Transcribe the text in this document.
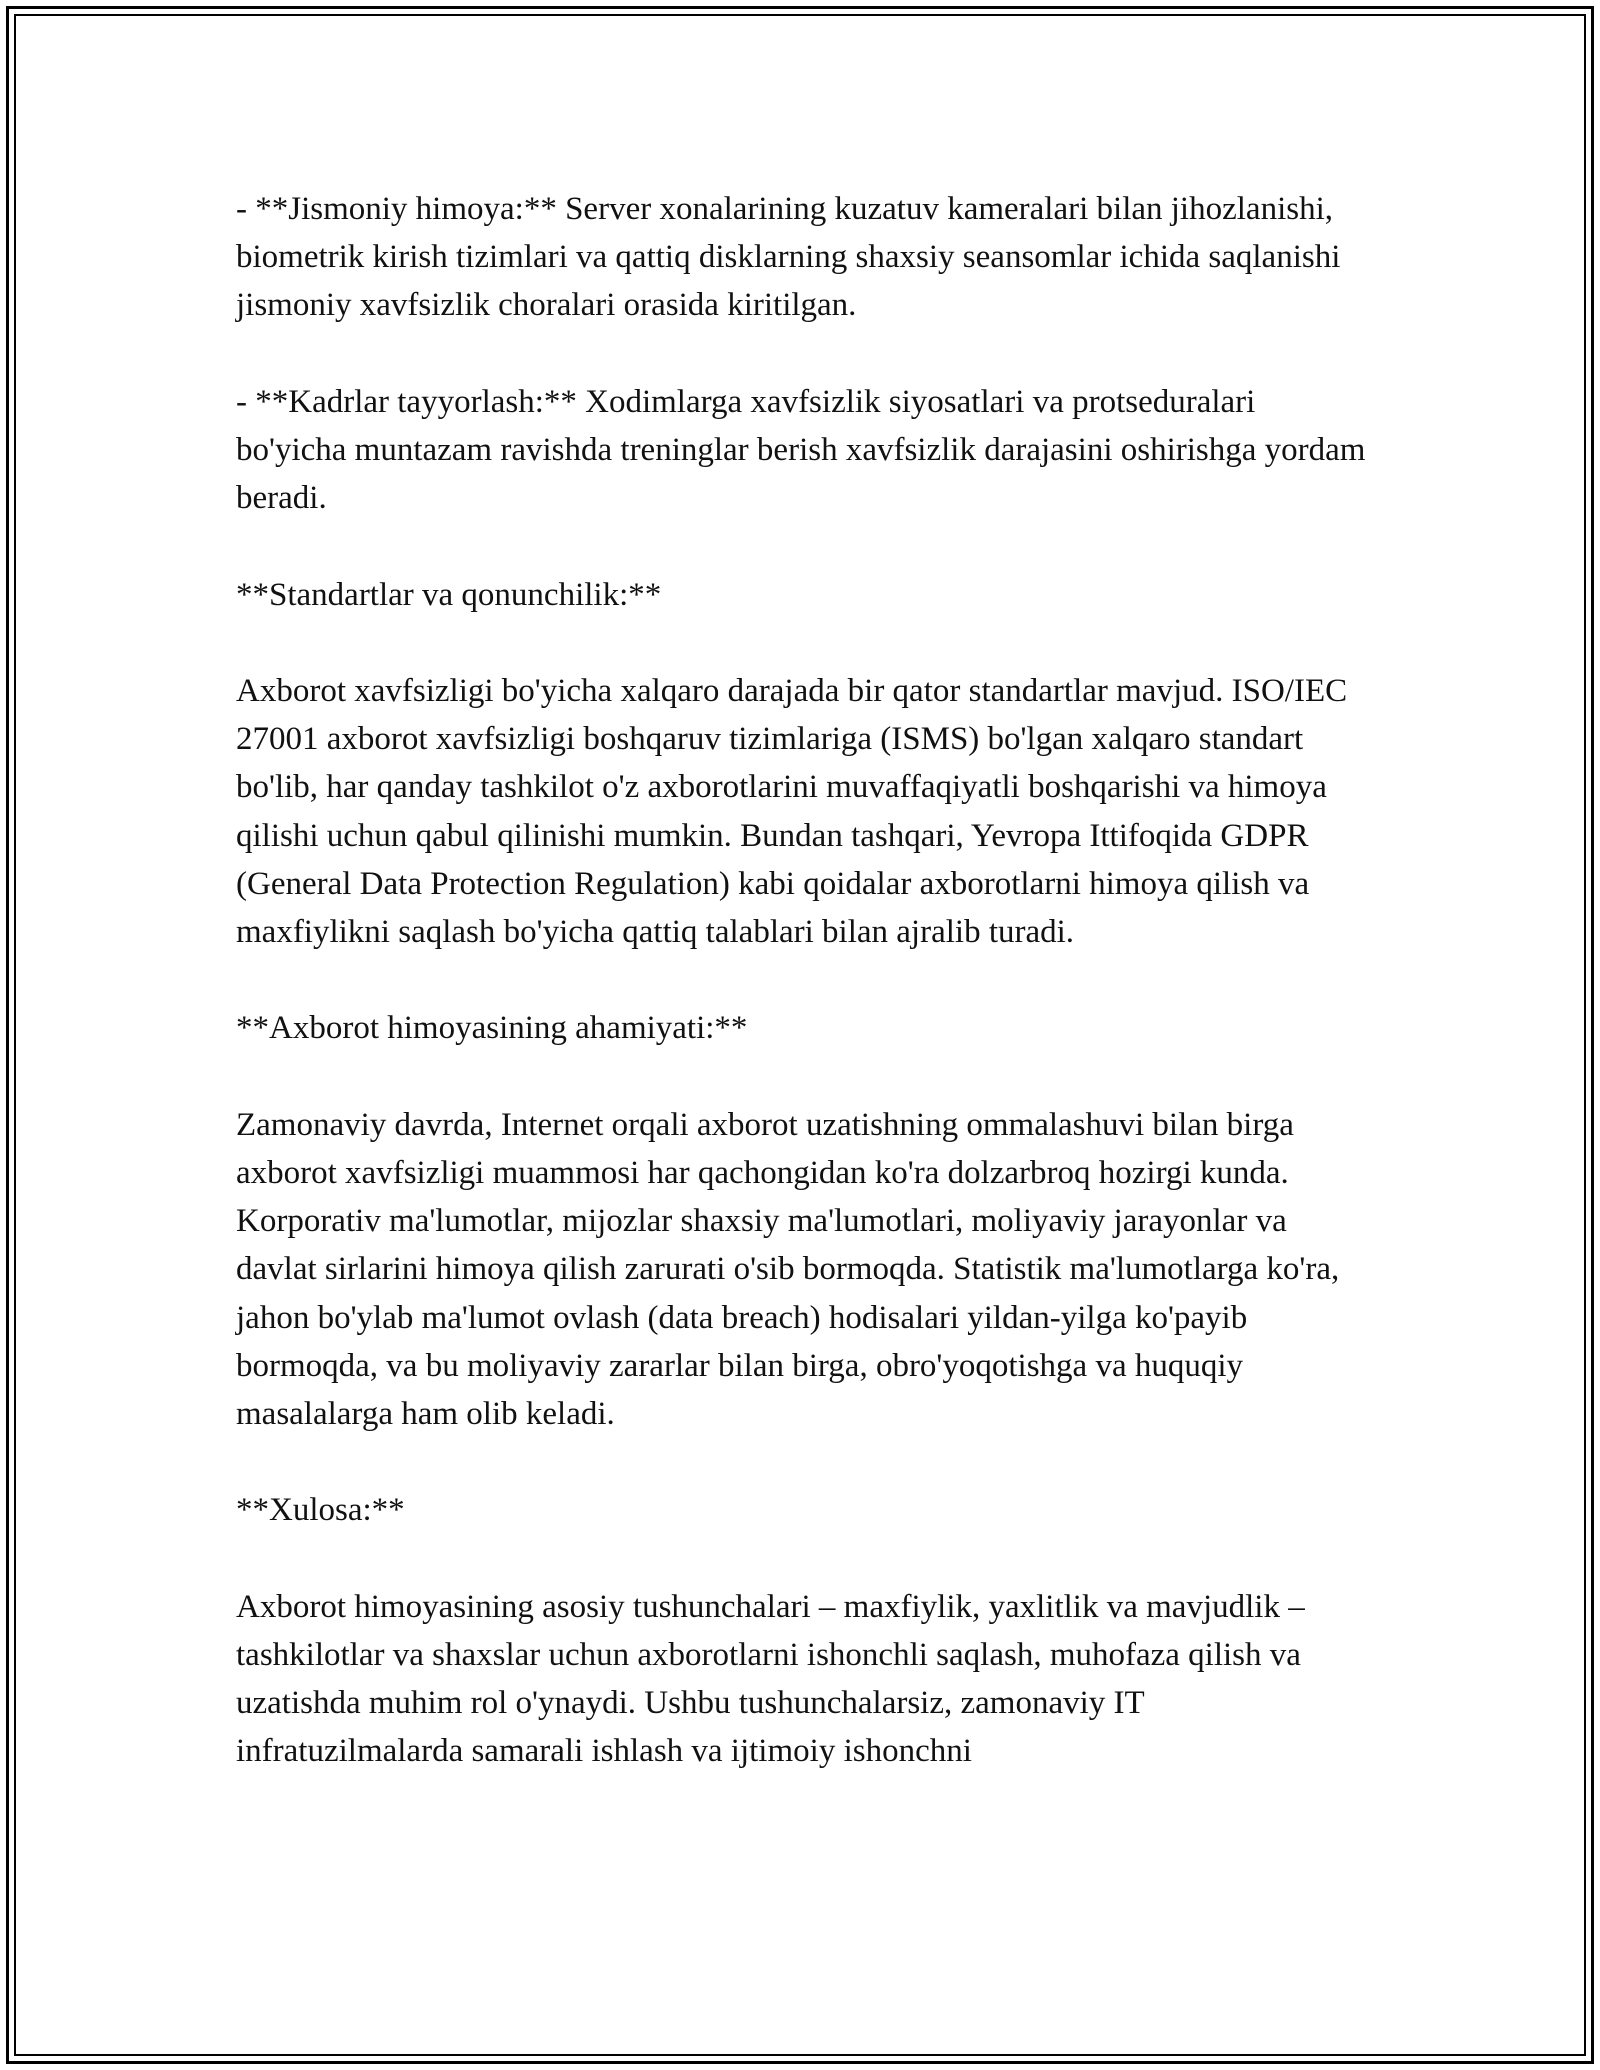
- **Jismoniy himoya:** Server xonalarining kuzatuv kameralari bilan jihozlanishi, biometrik kirish tizimlari va qattiq disklarning shaxsiy seansomlar ichida saqlanishi jismoniy xavfsizlik choralari orasida kiritilgan.

- **Kadrlar tayyorlash:** Xodimlarga xavfsizlik siyosatlari va protseduralari bo'yicha muntazam ravishda treninglar berish xavfsizlik darajasini oshirishga yordam beradi.

**Standartlar va qonunchilik:**

Axborot xavfsizligi bo'yicha xalqaro darajada bir qator standartlar mavjud. ISO/IEC 27001 axborot xavfsizligi boshqaruv tizimlariga (ISMS) bo'lgan xalqaro standart bo'lib, har qanday tashkilot o'z axborotlarini muvaffaqiyatli boshqarishi va himoya qilishi uchun qabul qilinishi mumkin. Bundan tashqari, Yevropa Ittifoqida GDPR (General Data Protection Regulation) kabi qoidalar axborotlarni himoya qilish va maxfiylikni saqlash bo'yicha qattiq talablari bilan ajralib turadi.

**Axborot himoyasining ahamiyati:**

Zamonaviy davrda, Internet orqali axborot uzatishning ommalashuvi bilan birga axborot xavfsizligi muammosi har qachongidan ko'ra dolzarbroq hozirgi kunda. Korporativ ma'lumotlar, mijozlar shaxsiy ma'lumotlari, moliyaviy jarayonlar va davlat sirlarini himoya qilish zarurati o'sib bormoqda. Statistik ma'lumotlarga ko'ra, jahon bo'ylab ma'lumot ovlash (data breach) hodisalari yildan-yilga ko'payib bormoqda, va bu moliyaviy zararlar bilan birga, obro'yoqotishga va huquqiy masalalarga ham olib keladi.

**Xulosa:**

Axborot himoyasining asosiy tushunchalari – maxfiylik, yaxlitlik va mavjudlik – tashkilotlar va shaxslar uchun axborotlarni ishonchli saqlash, muhofaza qilish va uzatishda muhim rol o'ynaydi. Ushbu tushunchalarsiz, zamonaviy IT infratuzilmalarda samarali ishlash va ijtimoiy ishonchni
